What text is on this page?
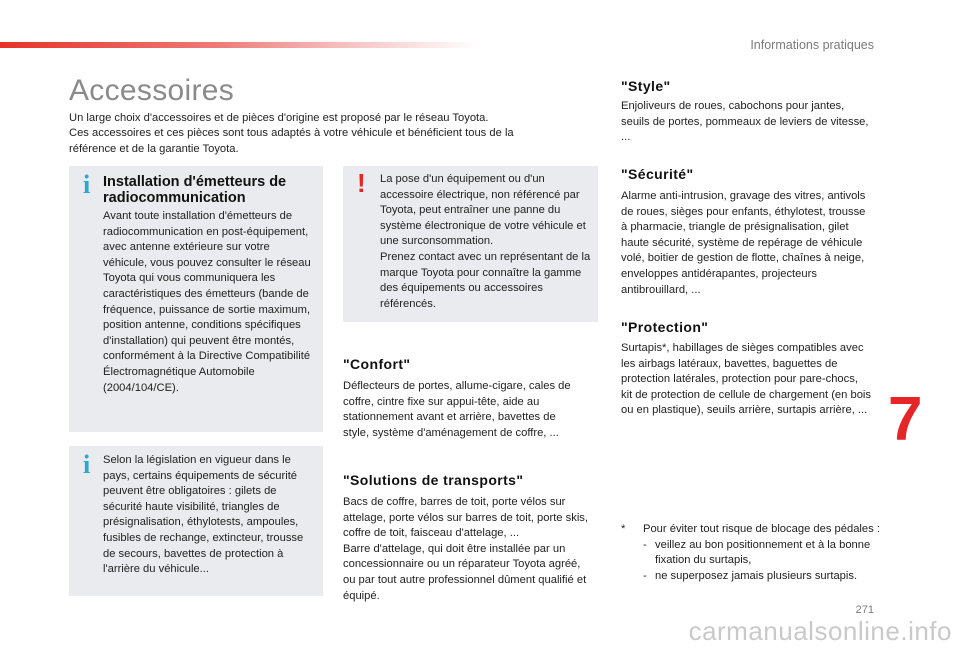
Informations pratiques
Accessoires
Un large choix d'accessoires et de pièces d'origine est proposé par le réseau Toyota.
Ces accessoires et ces pièces sont tous adaptés à votre véhicule et bénéficient tous de la référence et de la garantie Toyota.
i Installation d'émetteurs de radiocommunication
Avant toute installation d'émetteurs de radiocommunication en post-équipement, avec antenne extérieure sur votre véhicule, vous pouvez consulter le réseau Toyota qui vous communiquera les caractéristiques des émetteurs (bande de fréquence, puissance de sortie maximum, position antenne, conditions spécifiques d'installation) qui peuvent être montés, conformément à la Directive Compatibilité Électromagnétique Automobile (2004/104/CE).
i Selon la législation en vigueur dans le pays, certains équipements de sécurité peuvent être obligatoires : gilets de sécurité haute visibilité, triangles de présignalisation, éthylotests, ampoules, fusibles de rechange, extincteur, trousse de secours, bavettes de protection à l'arrière du véhicule...
! La pose d'un équipement ou d'un accessoire électrique, non référencé par Toyota, peut entraîner une panne du système électronique de votre véhicule et une surconsommation.
Prenez contact avec un représentant de la marque Toyota pour connaître la gamme des équipements ou accessoires référencés.
"Confort"
Déflecteurs de portes, allume-cigare, cales de coffre, cintre fixe sur appui-tête, aide au stationnement avant et arrière, bavettes de style, système d'aménagement de coffre, ...
"Solutions de transports"
Bacs de coffre, barres de toit, porte vélos sur attelage, porte vélos sur barres de toit, porte skis, coffre de toit, faisceau d'attelage, ...
Barre d'attelage, qui doit être installée par un concessionnaire ou un réparateur Toyota agréé, ou par tout autre professionnel dûment qualifié et équipé.
"Style"
Enjoliveurs de roues, cabochons pour jantes, seuils de portes, pommeaux de leviers de vitesse, ...
"Sécurité"
Alarme anti-intrusion, gravage des vitres, antivols de roues, sièges pour enfants, éthylotest, trousse à pharmacie, triangle de présignalisation, gilet haute sécurité, système de repérage de véhicule volé, boitier de gestion de flotte, chaînes à neige, enveloppes antidérapantes, projecteurs antibrouillard, ...
"Protection"
Surtapis*, habillages de sièges compatibles avec les airbags latéraux, bavettes, baguettes de protection latérales, protection pour pare-chocs, kit de protection de cellule de chargement (en bois ou en plastique), seuils arrière, surtapis arrière, ... 7
*	Pour éviter tout risque de blocage des pédales :
- veillez au bon positionnement et à la bonne fixation du surtapis,
- ne superposez jamais plusieurs surtapis.
271
carmanualsonline.info
